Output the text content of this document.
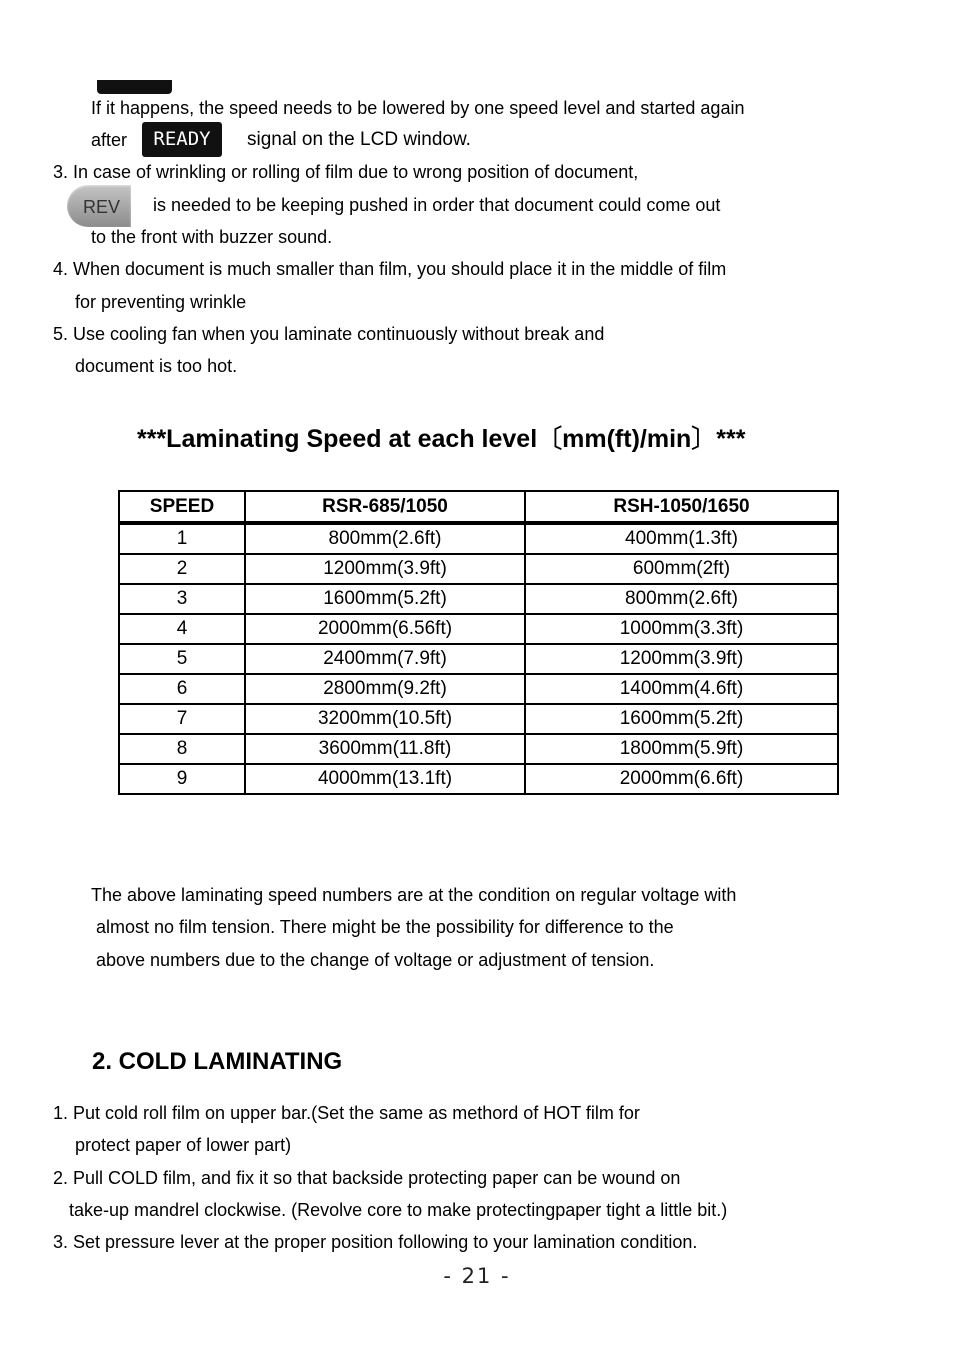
If it happens, the speed needs to be lowered by one speed level and started again
after	READY	signal on the LCD window.
3. In case of wrinkling or rolling of film due to wrong position of document,
REV	is needed to be keeping pushed in order that document could come out
to the front with buzzer sound.
4. When document is much smaller than film, you should place it in the middle of film
for preventing wrinkle
5. Use cooling fan when you laminate continuously without break and
document is too hot.
***Laminating Speed at each level〔mm(ft)/min〕***
SPEED	RSR-685/1050	RSH-1050/1650
1	800mm(2.6ft)	400mm(1.3ft)
2	1200mm(3.9ft)	600mm(2ft)
3	1600mm(5.2ft)	800mm(2.6ft)
4	2000mm(6.56ft)	1000mm(3.3ft)
5	2400mm(7.9ft)	1200mm(3.9ft)
6	2800mm(9.2ft)	1400mm(4.6ft)
7	3200mm(10.5ft)	1600mm(5.2ft)
8	3600mm(11.8ft)	1800mm(5.9ft)
9	4000mm(13.1ft)	2000mm(6.6ft)
The above laminating speed numbers are at the condition on regular voltage with
almost no film tension. There might be the possibility for difference to the
above numbers due to the change of voltage or adjustment of tension.
2. COLD LAMINATING
1. Put cold roll film on upper bar.(Set the same as methord of HOT film for
protect paper of lower part)
2. Pull COLD film, and fix it so that backside protecting paper can be wound on
take-up mandrel clockwise. (Revolve core to make protectingpaper tight a little bit.)
3. Set pressure lever at the proper position following to your lamination condition.
- 21 -
